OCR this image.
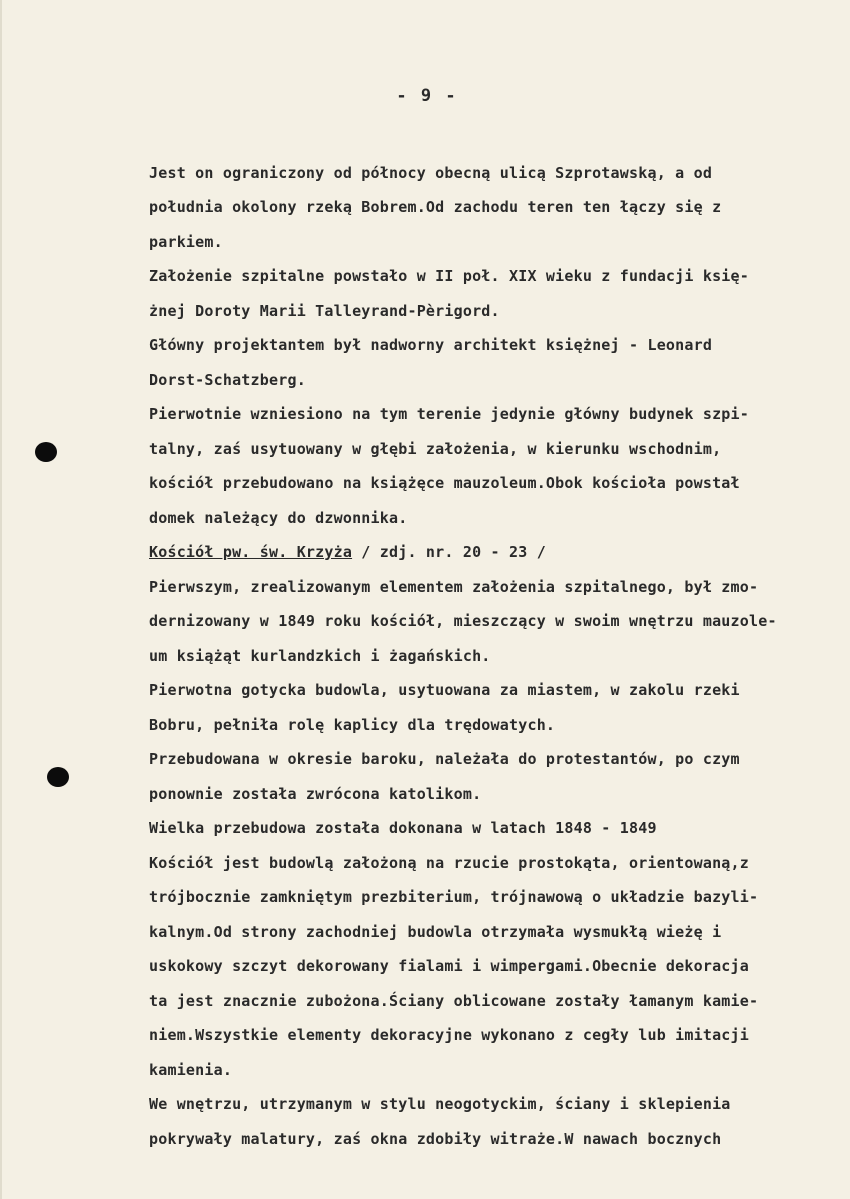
- 9 -
Jest on ograniczony od północy obecną ulicą Szprotawską, a od
południa okolony rzeką Bobrem.Od zachodu teren ten łączy się z
parkiem.
Założenie szpitalne powstało w II poł. XIX wieku z fundacji księ-
żnej Doroty Marii Talleyrand-Pèrigord.
Główny projektantem był nadworny architekt księżnej - Leonard
Dorst-Schatzberg.
Pierwotnie wzniesiono na tym terenie jedynie główny budynek szpi-
talny, zaś usytuowany w głębi założenia, w kierunku wschodnim,
kościół przebudowano na książęce mauzoleum.Obok kościoła powstał
domek należący do dzwonnika.
Kościół pw. św. Krzyża / zdj. nr. 20 - 23 /
Pierwszym, zrealizowanym elementem założenia szpitalnego, był zmo-
dernizowany w 1849 roku kościół, mieszczący w swoim wnętrzu mauzole-
um książąt kurlandzkich i żagańskich.
Pierwotna gotycka budowla, usytuowana za miastem, w zakolu rzeki
Bobru, pełniła rolę kaplicy dla trędowatych.
Przebudowana w okresie baroku, należała do protestantów, po czym
ponownie została zwrócona katolikom.
Wielka przebudowa została dokonana w latach 1848 - 1849
Kościół jest budowlą założoną na rzucie prostokąta, orientowaną,z
trójbocznie zamkniętym prezbiterium, trójnawową o układzie bazyli-
kalnym.Od strony zachodniej budowla otrzymała wysmukłą wieżę i
uskokowy szczyt dekorowany fialami i wimpergami.Obecnie dekoracja
ta jest znacznie zubożona.Ściany oblicowane zostały łamanym kamie-
niem.Wszystkie elementy dekoracyjne wykonano z cegły lub imitacji
kamienia.
We wnętrzu, utrzymanym w stylu neogotyckim, ściany i sklepienia
pokrywały malatury, zaś okna zdobiły witraże.W nawach bocznych
